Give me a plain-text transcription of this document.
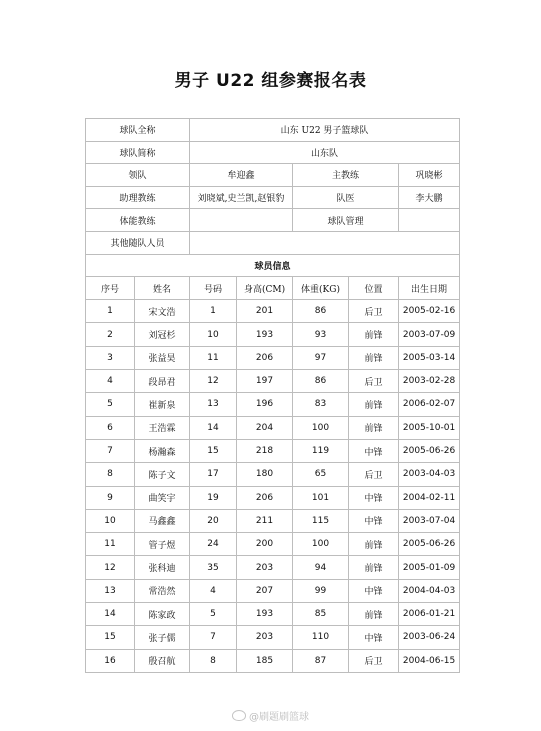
男子 U22 组参赛报名表
球队全称		山东 U22 男子篮球队				
球队简称		山东队				
领队		牟迎鑫		主教练		巩晓彬
助理教练		刘晓斌,史兰凯,赵银豹		队医		李大鹏
体能教练				球队管理		
其他随队人员						
球员信息						
序号	姓名	号码	身高(CM)	体重(KG)	位置	出生日期
1	宋文浩	1	201	86	后卫	2005-02-16
2	刘冠杉	10	193	93	前锋	2003-07-09
3	张益昊	11	206	97	前锋	2005-03-14
4	段昂君	12	197	86	后卫	2003-02-28
5	崔新泉	13	196	83	前锋	2006-02-07
6	王浩霖	14	204	100	前锋	2005-10-01
7	杨瀚森	15	218	119	中锋	2005-06-26
8	陈子文	17	180	65	后卫	2003-04-03
9	曲笑宇	19	206	101	中锋	2004-02-11
10	马鑫鑫	20	211	115	中锋	2003-07-04
11	管子煜	24	200	100	前锋	2005-06-26
12	张科迪	35	203	94	前锋	2005-01-09
13	常浩然	4	207	99	中锋	2004-04-03
14	陈家政	5	193	85	前锋	2006-01-21
15	张子儒	7	203	110	中锋	2003-06-24
16	殷召航	8	185	87	后卫	2004-06-15
@刷题刷篮球
